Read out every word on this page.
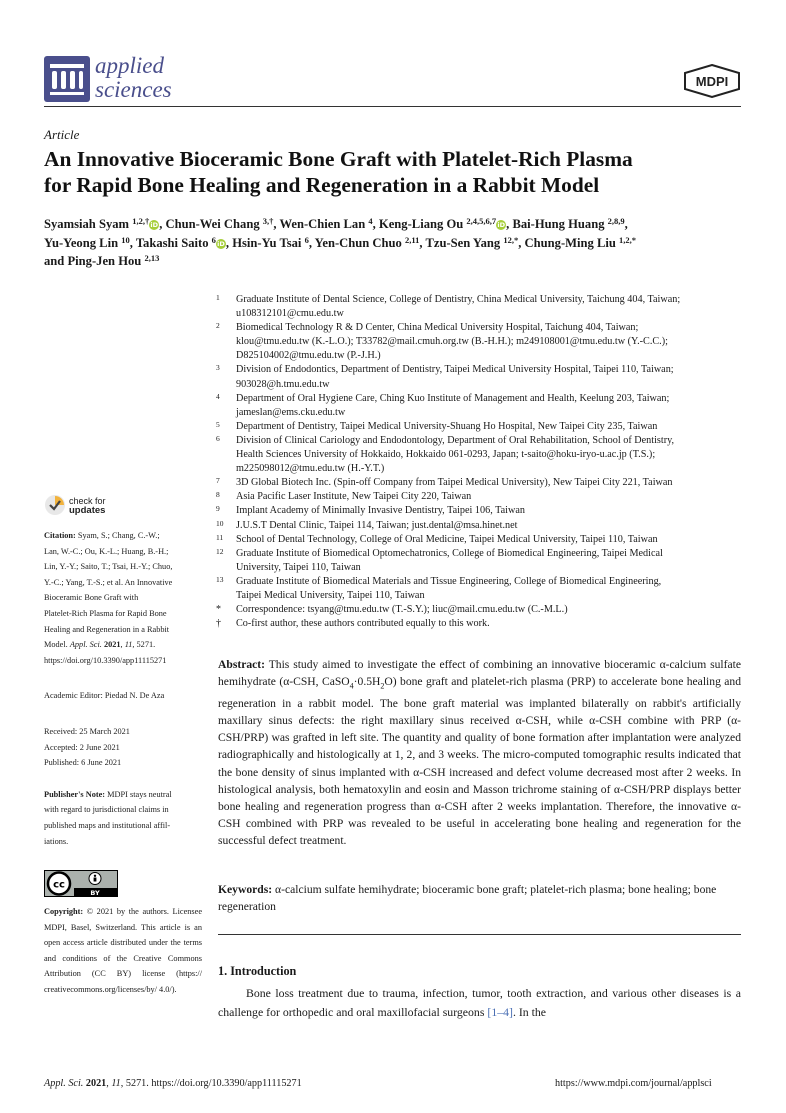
applied
sciences	MDPI
Article
An Innovative Bioceramic Bone Graft with Platelet-Rich Plasma
for Rapid Bone Healing and Regeneration in a Rabbit Model
Syamsiah Syam $^{1,2,\dagger}$iD, Chun-Wei Chang $^{3,\dagger}$, Wen-Chien Lan $^4$, Keng-Liang Ou $^{2,4,5,6,7}$iD, Bai-Hung Huang $^{2,8,9}$,
Yu-Yeong Lin $^{10}$, Takashi Saito $^6$iD, Hsin-Yu Tsai $^6$, Yen-Chun Chuo $^{2,11}$, Tzu-Sen Yang $^{12,*}$, Chung-Ming Liu $^{1,2,*}$
and Ping-Jen Hou $^{2,13}$
1 Graduate Institute of Dental Science, College of Dentistry, China Medical University, Taichung 404, Taiwan;
u108312101@cmu.edu.tw
2 Biomedical Technology R & D Center, China Medical University Hospital, Taichung 404, Taiwan;
klou@tmu.edu.tw (K.-L.O.); T33782@mail.cmuh.org.tw (B.-H.H.); m249108001@tmu.edu.tw (Y.-C.C.);
D825104002@tmu.edu.tw (P.-J.H.)
3 Division of Endodontics, Department of Dentistry, Taipei Medical University Hospital, Taipei 110, Taiwan;
903028@h.tmu.edu.tw
4 Department of Oral Hygiene Care, Ching Kuo Institute of Management and Health, Keelung 203, Taiwan;
jameslan@ems.cku.edu.tw
5 Department of Dentistry, Taipei Medical University-Shuang Ho Hospital, New Taipei City 235, Taiwan
6 Division of Clinical Cariology and Endodontology, Department of Oral Rehabilitation, School of Dentistry,
Health Sciences University of Hokkaido, Hokkaido 061-0293, Japan; t-saito@hoku-iryo-u.ac.jp (T.S.);
m225098012@tmu.edu.tw (H.-Y.T.)
7 3D Global Biotech Inc. (Spin-off Company from Taipei Medical University), New Taipei City 221, Taiwan
8 Asia Pacific Laser Institute, New Taipei City 220, Taiwan
9 Implant Academy of Minimally Invasive Dentistry, Taipei 106, Taiwan
10 J.U.S.T Dental Clinic, Taipei 114, Taiwan; just.dental@msa.hinet.net
11 School of Dental Technology, College of Oral Medicine, Taipei Medical University, Taipei 110, Taiwan
12 Graduate Institute of Biomedical Optomechatronics, College of Biomedical Engineering, Taipei Medical
University, Taipei 110, Taiwan
13 Graduate Institute of Biomedical Materials and Tissue Engineering, College of Biomedical Engineering,
Taipei Medical University, Taipei 110, Taiwan
* Correspondence: tsyang@tmu.edu.tw (T.-S.Y.); liuc@mail.cmu.edu.tw (C.-M.L.)
† Co-first author, these authors contributed equally to this work.
check for
updates
Citation: Syam, S.; Chang, C.-W.;
Lan, W.-C.; Ou, K.-L.; Huang, B.-H.;
Lin, Y.-Y.; Saito, T.; Tsai, H.-Y.; Chuo,
Y.-C.; Yang, T.-S.; et al. An Innovative
Bioceramic Bone Graft with
Platelet-Rich Plasma for Rapid Bone
Healing and Regeneration in a Rabbit
Model. Appl. Sci. 2021, 11, 5271.
https://doi.org/10.3390/app11115271
Academic Editor: Piedad N. De Aza
Received: 25 March 2021
Accepted: 2 June 2021
Published: 6 June 2021
Publisher's Note: MDPI stays neutral
with regard to jurisdictional claims in
published maps and institutional affil-
iations.
cc
BY
Copyright: © 2021 by the authors. Licensee MDPI, Basel, Switzerland. This article is an open access article distributed under the terms and conditions of the Creative Commons Attribution (CC BY) license (https:// creativecommons.org/licenses/by/ 4.0/).
Abstract: This study aimed to investigate the effect of combining an innovative bioceramic α-calcium sulfate hemihydrate (α-CSH, $CaSO_4\cdot 0.5H_2O$) bone graft and platelet-rich plasma (PRP) to accelerate bone healing and regeneration in a rabbit model. The bone graft material was implanted bilaterally on rabbit's artificially maxillary sinus defects: the right maxillary sinus received α-CSH, while α-CSH combine with PRP (α-CSH/PRP) was grafted in left site. The quantity and quality of bone formation after implantation were analyzed radiographically and histologically at 1, 2, and 3 weeks. The micro-computed tomographic results indicated that the bone density of sinus implanted with α-CSH increased and defect volume decreased most after 2 weeks. In histological analysis, both hematoxylin and eosin and Masson trichrome staining of α-CSH/PRP displays better bone healing and regeneration progress than α-CSH after 2 weeks implantation. Therefore, the innovative α-CSH combined with PRP was revealed to be useful in accelerating bone healing and regeneration for the successful defect treatment.
Keywords: α-calcium sulfate hemihydrate; bioceramic bone graft; platelet-rich plasma; bone healing; bone regeneration
1. Introduction
Bone loss treatment due to trauma, infection, tumor, tooth extraction, and various other diseases is a challenge for orthopedic and oral maxillofacial surgeons [1–4]. In the
Appl. Sci. 2021, 11, 5271. https://doi.org/10.3390/app11115271	https://www.mdpi.com/journal/applsci
